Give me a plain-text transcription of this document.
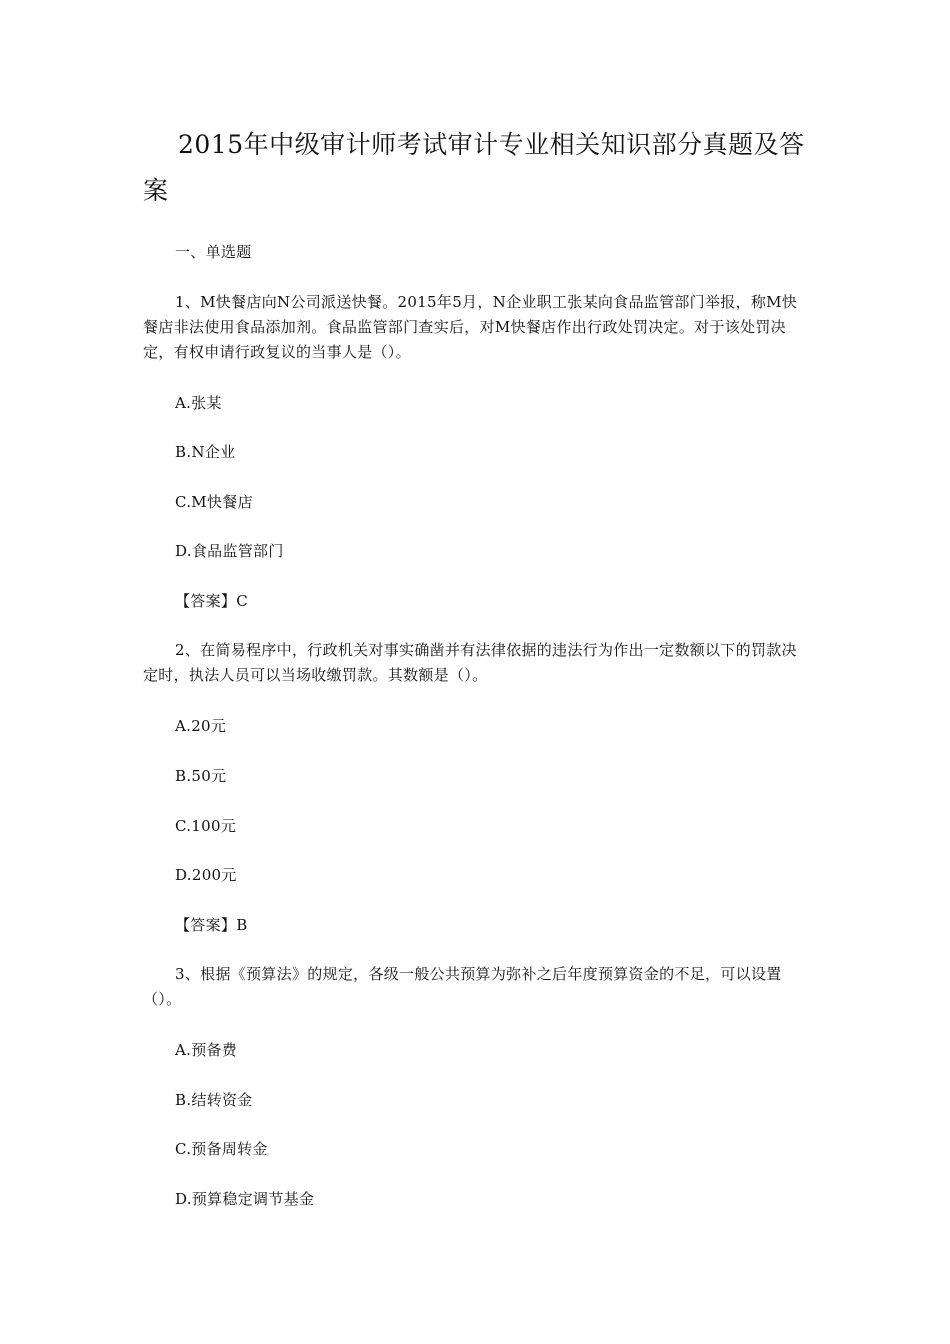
2015年中级审计师考试审计专业相关知识部分真题及答案

一、单选题

1、M快餐店向N公司派送快餐。2015年5月，N企业职工张某向食品监管部门举报，称M快餐店非法使用食品添加剂。食品监管部门查实后，对M快餐店作出行政处罚决定。对于该处罚决定，有权申请行政复议的当事人是（）。

A.张某

B.N企业

C.M快餐店

D.食品监管部门

【答案】C

2、在简易程序中，行政机关对事实确凿并有法律依据的违法行为作出一定数额以下的罚款决定时，执法人员可以当场收缴罚款。其数额是（）。

A.20元

B.50元

C.100元

D.200元

【答案】B

3、根据《预算法》的规定，各级一般公共预算为弥补之后年度预算资金的不足，可以设置（）。

A.预备费

B.结转资金

C.预备周转金

D.预算稳定调节基金
